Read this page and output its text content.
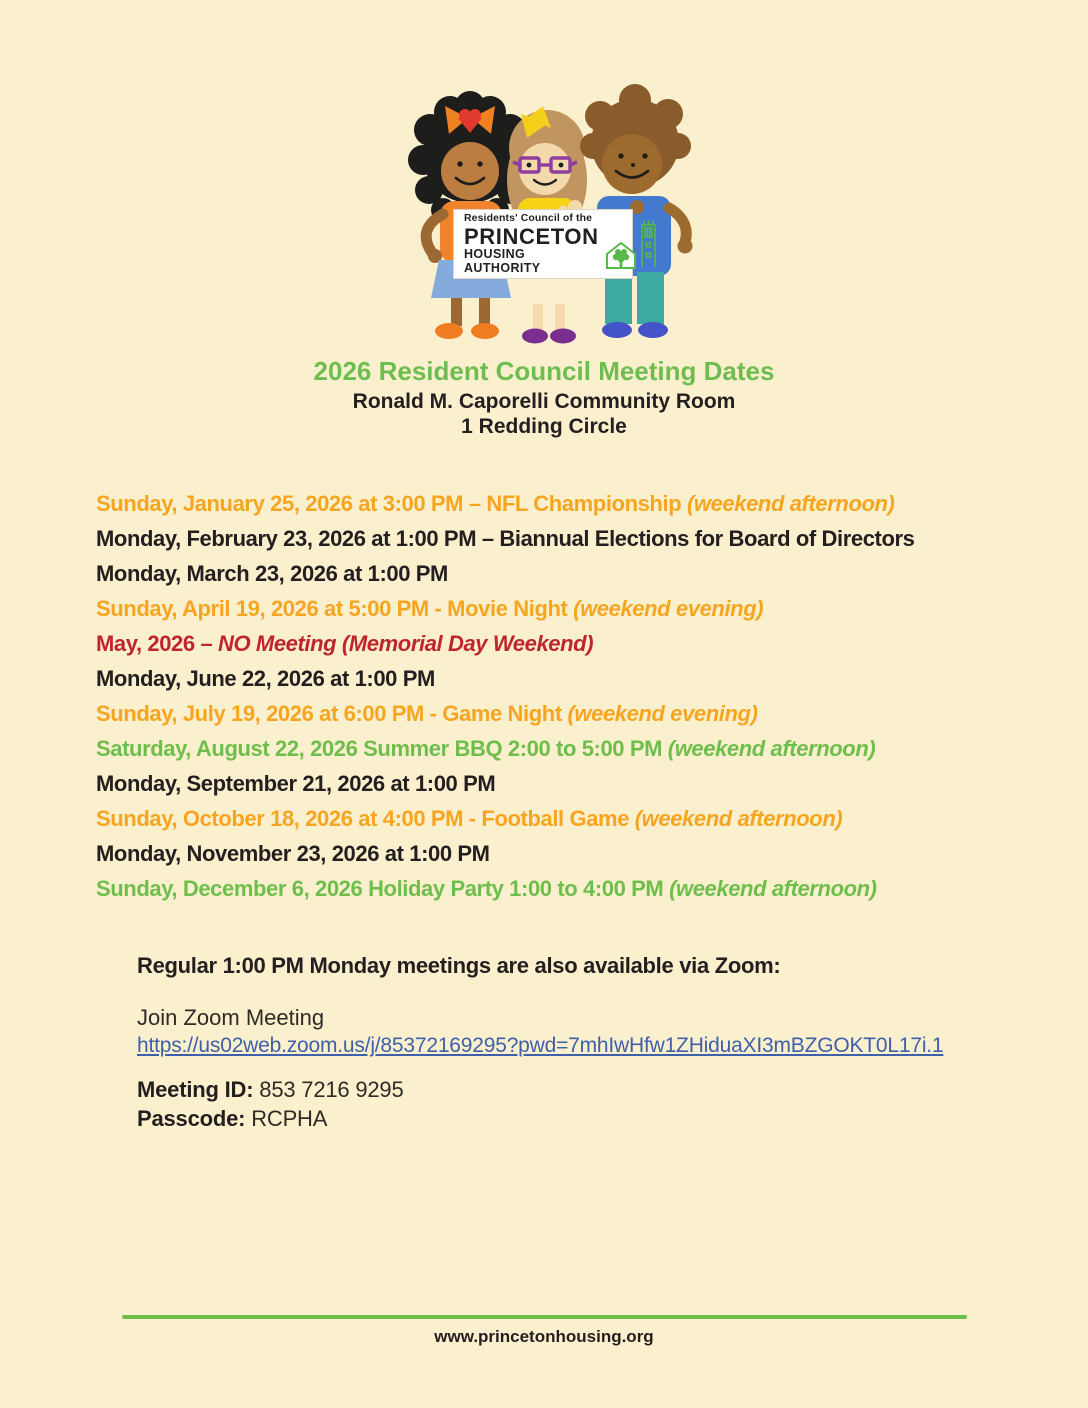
Residents' Council of the
PRINCETON
HOUSING AUTHORITY
2026 Resident Council Meeting Dates
Ronald M. Caporelli Community Room
1 Redding Circle
Sunday, January 25, 2026 at 3:00 PM – NFL Championship (weekend afternoon)
Monday, February 23, 2026 at 1:00 PM – Biannual Elections for Board of Directors
Monday, March 23, 2026 at 1:00 PM
Sunday, April 19, 2026 at 5:00 PM - Movie Night (weekend evening)
May, 2026 – NO Meeting (Memorial Day Weekend)
Monday, June 22, 2026 at 1:00 PM
Sunday, July 19, 2026 at 6:00 PM - Game Night (weekend evening)
Saturday, August 22, 2026 Summer BBQ 2:00 to 5:00 PM (weekend afternoon)
Monday, September 21, 2026 at 1:00 PM
Sunday, October 18, 2026 at 4:00 PM - Football Game (weekend afternoon)
Monday, November 23, 2026 at 1:00 PM
Sunday, December 6, 2026 Holiday Party 1:00 to 4:00 PM (weekend afternoon)
Regular 1:00 PM Monday meetings are also available via Zoom:
Join Zoom Meeting
https://us02web.zoom.us/j/85372169295?pwd=7mhIwHfw1ZHiduaXI3mBZGOKT0L17i.1
Meeting ID: 853 7216 9295
Passcode: RCPHA
www.princetonhousing.org
